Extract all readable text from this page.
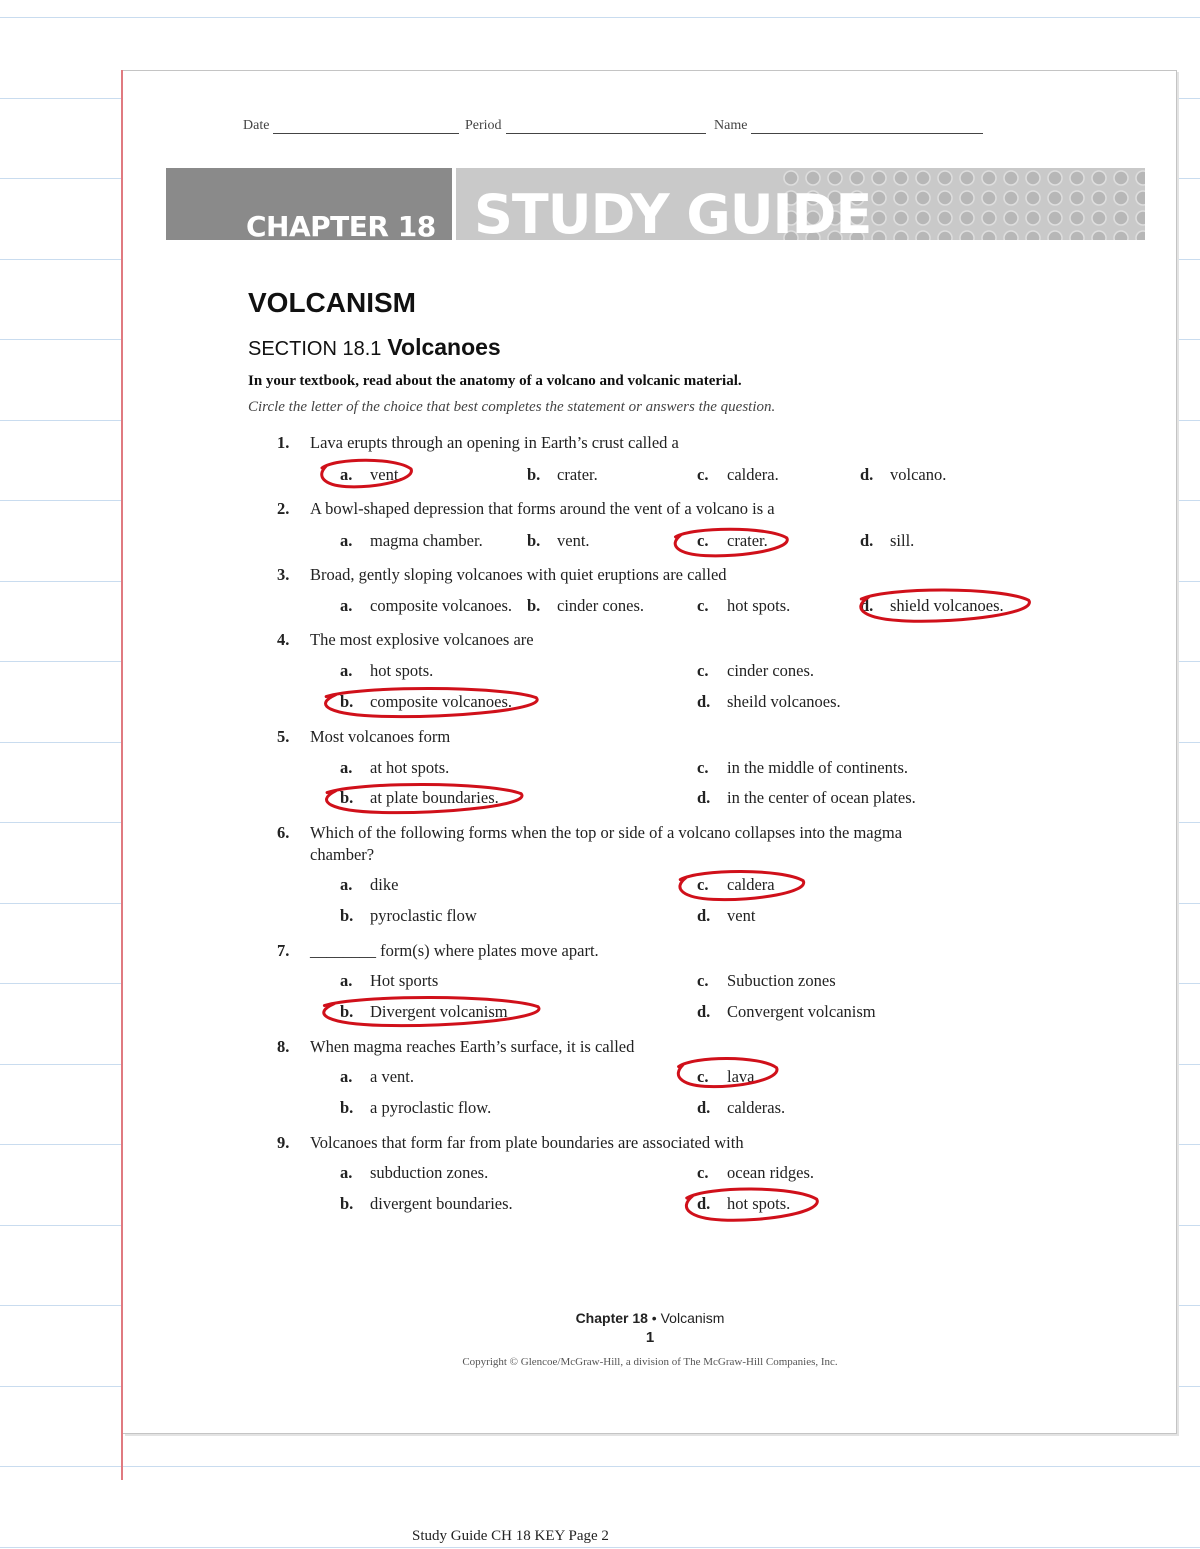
Date	Period	Name
CHAPTER 18 STUDY GUIDE
VOLCANISM
SECTION 18.1 Volcanoes
In your textbook, read about the anatomy of a volcano and volcanic material.
Circle the letter of the choice that best completes the statement or answers the question.
1. Lava erupts through an opening in Earth’s crust called a
a. vent.	b. crater.	c. caldera.	d. volcano.
2. A bowl-shaped depression that forms around the vent of a volcano is a
a. magma chamber.	b. vent.	c. crater.	d. sill.
3. Broad, gently sloping volcanoes with quiet eruptions are called
a. composite volcanoes. b. cinder cones.	c. hot spots.	d. shield volcanoes.
4. The most explosive volcanoes are
a. hot spots.	c. cinder cones.
b. composite volcanoes.	d. sheild volcanoes.
5. Most volcanoes form
a. at hot spots.	c. in the middle of continents.
b. at plate boundaries.	d. in the center of ocean plates.
6. Which of the following forms when the top or side of a volcano collapses into the magma
chamber?
a. dike	c. caldera
b. pyroclastic flow	d. vent
7. ________ form(s) where plates move apart.
a. Hot sports	c. Subuction zones
b. Divergent volcanism	d. Convergent volcanism
8. When magma reaches Earth’s surface, it is called
a. a vent.	c. lava
b. a pyroclastic flow.	d. calderas.
9. Volcanoes that form far from plate boundaries are associated with
a. subduction zones.	c. ocean ridges.
b. divergent boundaries.	d. hot spots.
Chapter 18 • Volcanism
1
Copyright © Glencoe/McGraw-Hill, a division of The McGraw-Hill Companies, Inc.
Study Guide CH 18 KEY Page 2
